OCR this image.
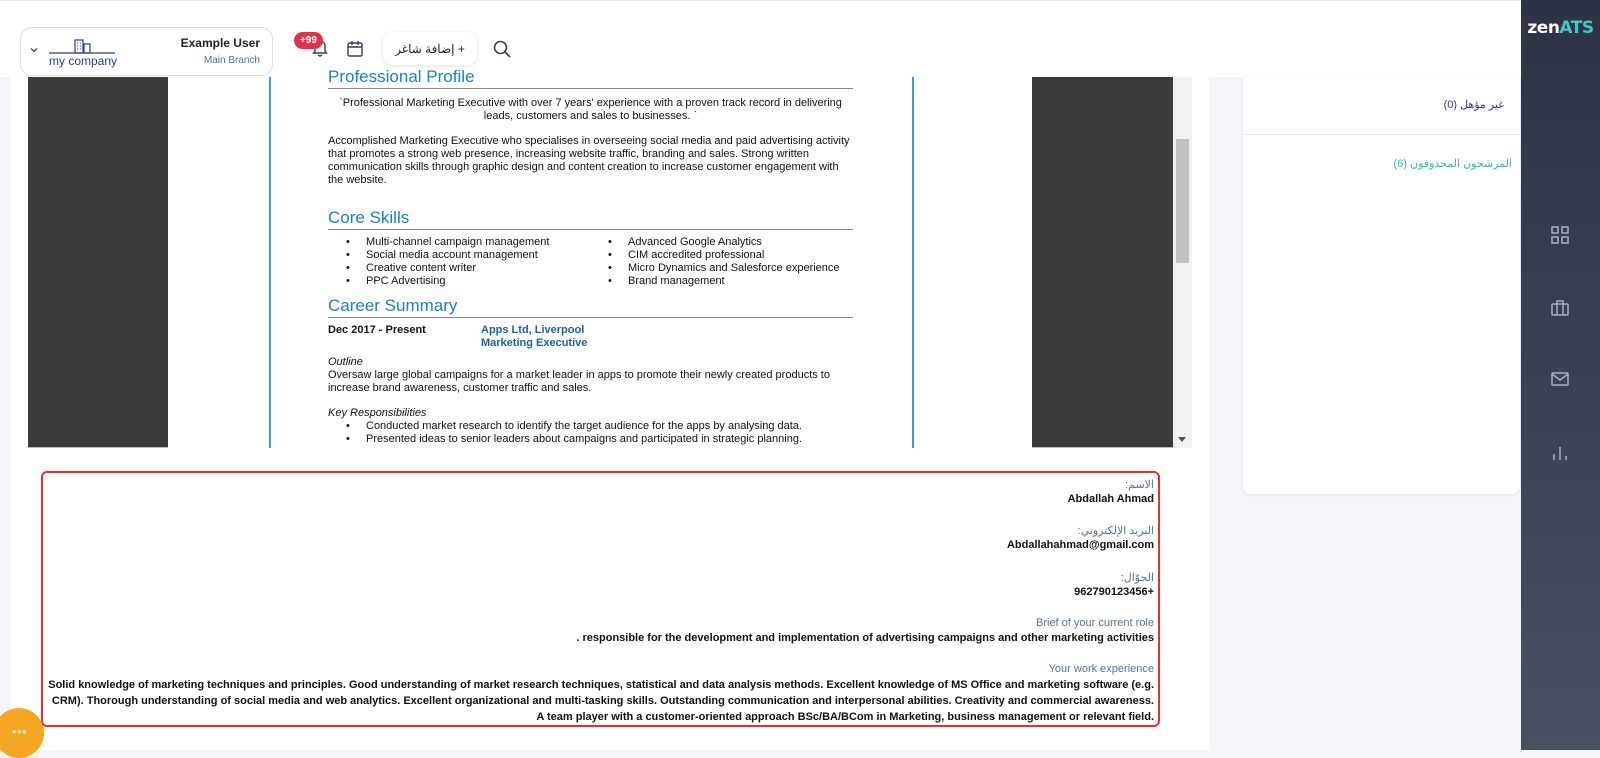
zenATS
my company
Example User
Main Branch
+99
+ إضافة شاغر
غير مؤهل (0)
المرشحون المحذوفون (6)
Professional Profile
`Professional Marketing Executive with over 7 years' experience with a proven track record in delivering leads, customers and sales to businesses. `
Accomplished Marketing Executive who specialises in overseeing social media and paid advertising activity that promotes a strong web presence, increasing website traffic, branding and sales. Strong written communication skills through graphic design and content creation to increase customer engagement with the website.
Core Skills
• Multi-channel campaign management
• Social media account management
• Creative content writer
• PPC Advertising
• Advanced Google Analytics
• CIM accredited professional
• Micro Dynamics and Salesforce experience
• Brand management
Career Summary
Dec 2017 - Present	Apps Ltd, Liverpool
Marketing Executive
Outline
Oversaw large global campaigns for a market leader in apps to promote their newly created products to increase brand awareness, customer traffic and sales.
Key Responsibilities
• Conducted market research to identify the target audience for the apps by analysing data.
• Presented ideas to senior leaders about campaigns and participated in strategic planning.
الاسم:
Abdallah Ahmad
البريد الإلكتروني:
Abdallahahmad@gmail.com
الجوّال:
962790123456+
Brief of your current role
. responsible for the development and implementation of advertising campaigns and other marketing activities
Your work experience
Solid knowledge of marketing techniques and principles. Good understanding of market research techniques, statistical and data analysis methods. Excellent knowledge of MS Office and marketing software (e.g. CRM). Thorough understanding of social media and web analytics. Excellent organizational and multi-tasking skills. Outstanding communication and interpersonal abilities. Creativity and commercial awareness. A team player with a customer-oriented approach BSc/BA/BCom in Marketing, business management or relevant field.
•••
